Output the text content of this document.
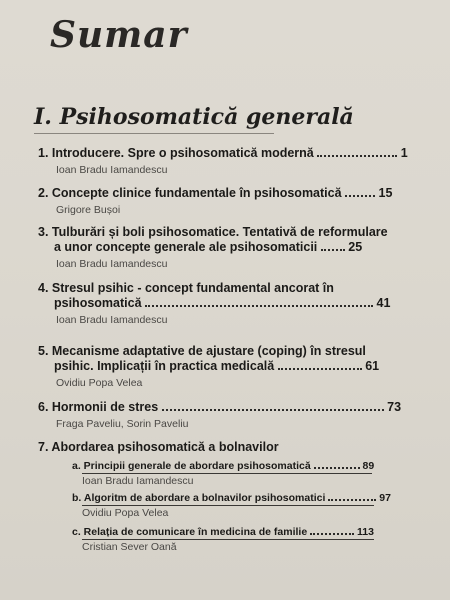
Sumar
I. Psihosomatică generală
1. Introducere. Spre o psihosomatică modernă	1
Ioan Bradu Iamandescu
2. Concepte clinice fundamentale în psihosomatică	15
Grigore Bușoi
3. Tulburări și boli psihosomatice. Tentativă de reformulare
a unor concepte generale ale psihosomaticii 25
Ioan Bradu Iamandescu
4. Stresul psihic - concept fundamental ancorat în
psihosomatică	41
Ioan Bradu Iamandescu
5. Mecanisme adaptative de ajustare (coping) în stresul
psihic. Implicații în practica medicală	61
Ovidiu Popa Velea
6. Hormonii de stres	73
Fraga Paveliu, Sorin Paveliu
7. Abordarea psihosomatică a bolnavilor
a. Principii generale de abordare psihosomatică	89
Ioan Bradu Iamandescu
b. Algoritm de abordare a bolnavilor psihosomatici	97
Ovidiu Popa Velea
c. Relația de comunicare în medicina de familie	113
Cristian Sever Oană
